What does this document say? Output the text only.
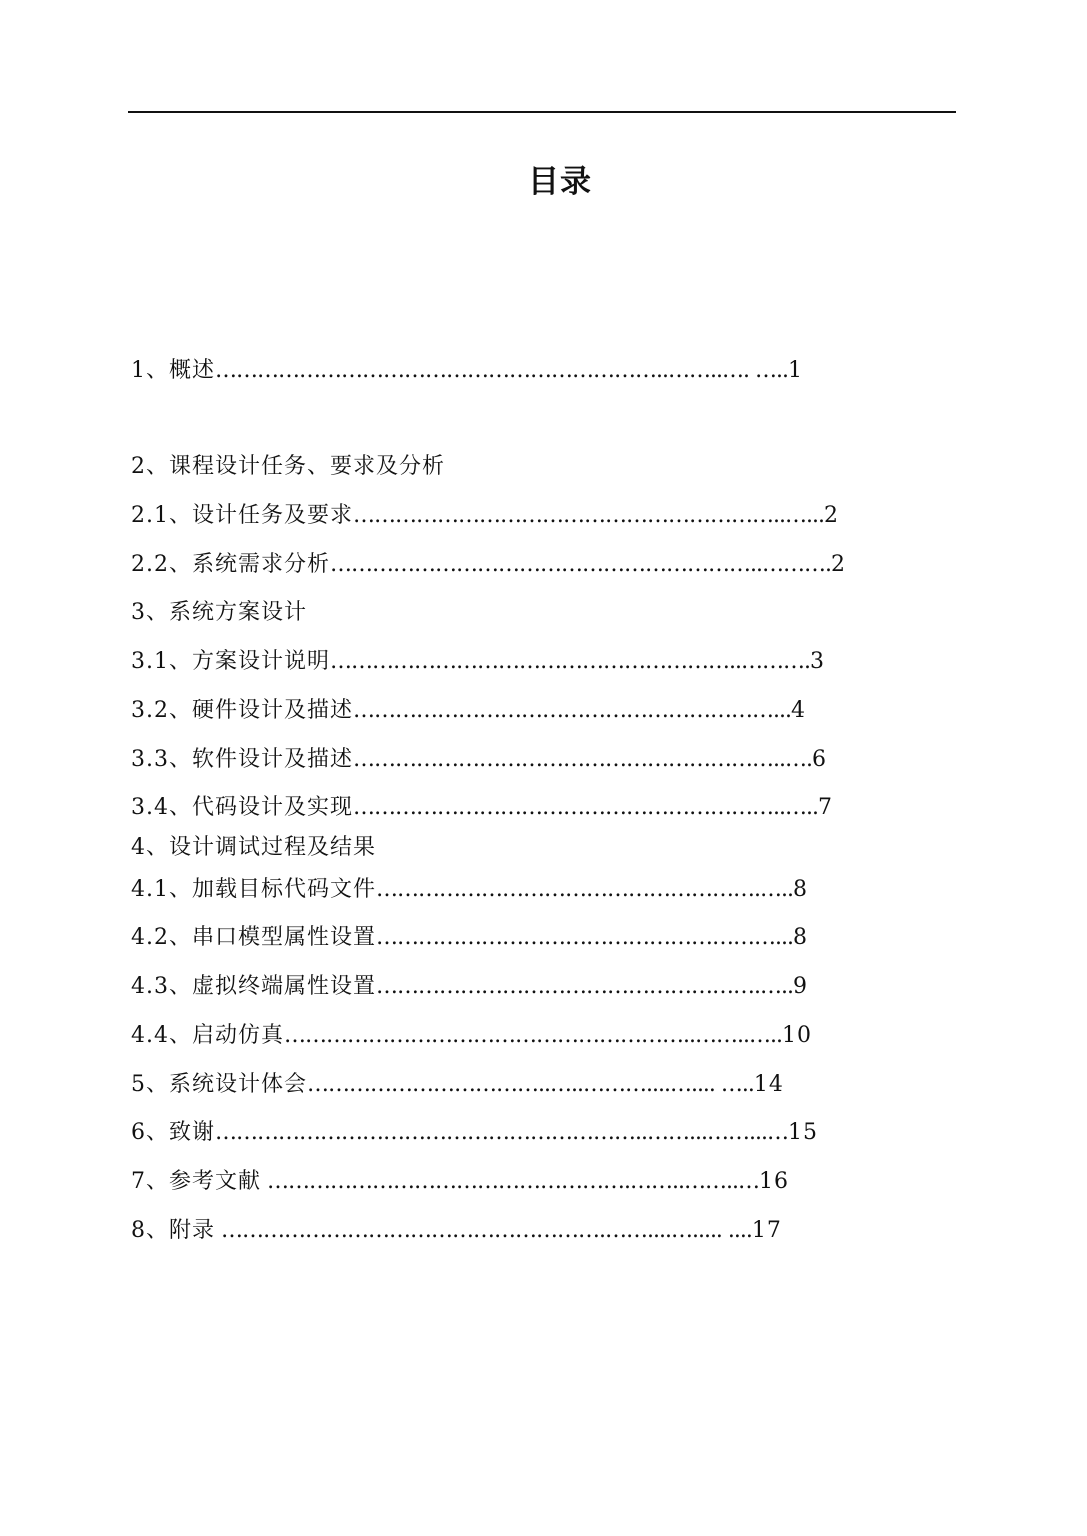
目录
1、概述………………………………………………………..……..…. …..1
2、课程设计任务、要求及分析
2.1、设计任务及要求……………………………………………………..…...2
2.2、系统需求分析……………………………………………………..……….2
3、系统方案设计
3.1、方案设计说明…………………………………………………..……….3
3.2、硬件设计及描述……………………………………………………...4
3.3、软件设计及描述……………………………………………………..….6
3.4、代码设计及实现……………………………………………………..…..7
4、设计调试过程及结果
4.1、加载目标代码文件……………………………………………….…..8
4.2、串口模型属性设置…………………………………………………...8
4.3、虚拟终端属性设置……………………………………………….…..9
4.4、启动仿真…………………………………………………..……..…..10
5、系统设计体会……………………………..…..………....….... …..14
6、致谢……………………………………………………..……...……...…15
7、参考文献 …………………………………………….……..……..…16
8、附录 ……………………………………………….……....…..... ....17
